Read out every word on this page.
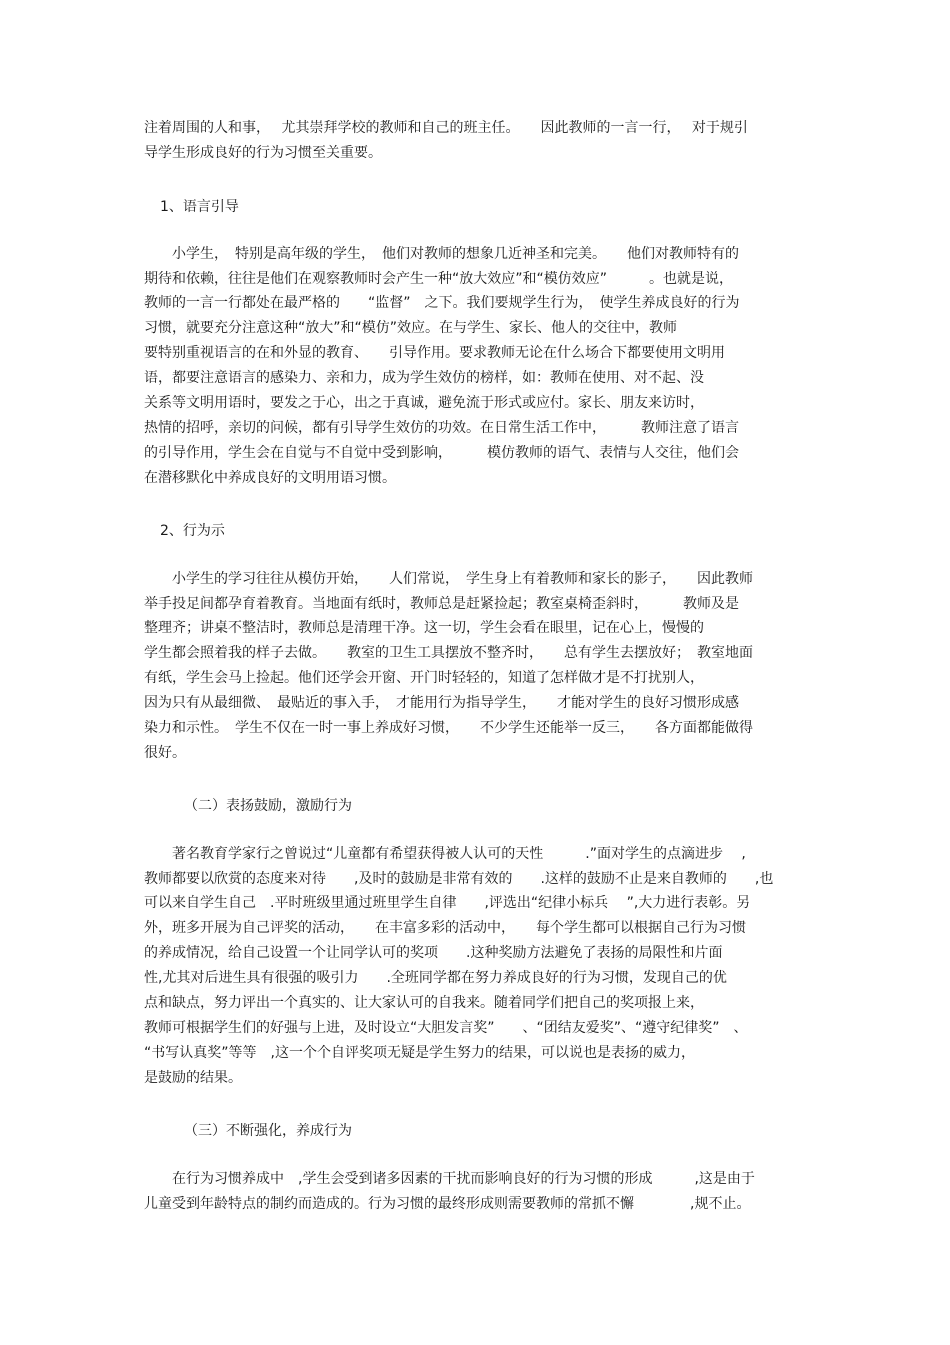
注着周围的人和事，　 尤其崇拜学校的教师和自己的班主任。　　因此教师的一言一行，　 对于规引
导学生形成良好的行为习惯至关重要。
1、语言引导
　　小学生，　特别是高年级的学生，　他们对教师的想象几近神圣和完美。　　他们对教师特有的
期待和依赖，往往是他们在观察教师时会产生一种“放大效应”和“模仿效应”　　　。也就是说，
教师的一言一行都处在最严格的　　“监督”　之下。我们要规学生行为，　使学生养成良好的行为
习惯，就要充分注意这种“放大”和“模仿”效应。在与学生、家长、他人的交往中，教师
要特别重视语言的在和外显的教育、　　引导作用。要求教师无论在什么场合下都要使用文明用
语，都要注意语言的感染力、亲和力，成为学生效仿的榜样，如：教师在使用、对不起、没
关系等文明用语时，要发之于心，出之于真诚，避免流于形式或应付。家长、朋友来访时，
热情的招呼，亲切的问候，都有引导学生效仿的功效。在日常生活工作中，　　　教师注意了语言
的引导作用，学生会在自觉与不自觉中受到影响，　　　模仿教师的语气、表情与人交往，他们会
在潜移默化中养成良好的文明用语习惯。
2、行为示
　　小学生的学习往往从模仿开始，　　人们常说，　学生身上有着教师和家长的影子，　　因此教师
举手投足间都孕育着教育。当地面有纸时，教师总是赶紧捡起；教室桌椅歪斜时，　　　教师及是
整理齐；讲桌不整洁时，教师总是清理干净。这一切，学生会看在眼里，记在心上，慢慢的
学生都会照着我的样子去做。　　教室的卫生工具摆放不整齐时，　　总有学生去摆放好；　教室地面
有纸，学生会马上捡起。他们还学会开窗、开门时轻轻的，知道了怎样做才是不打扰别人，
因为只有从最细微、　最贴近的事入手，　才能用行为指导学生，　　才能对学生的良好习惯形成感
染力和示性。　学生不仅在一时一事上养成好习惯，　　不少学生还能举一反三，　　各方面都能做得
很好。
（二）表扬鼓励，激励行为
　　著名教育学家行之曾说过“儿童都有希望获得被人认可的天性　　　.”面对学生的点滴进步　 ,
教师都要以欣赏的态度来对待　　,及时的鼓励是非常有效的　　.这样的鼓励不止是来自教师的　　,也
可以来自学生自己　.平时班级里通过班里学生自律　　,评选出“纪律小标兵　 ”,大力进行表彰。另
外，班多开展为自己评奖的活动，　　在丰富多彩的活动中，　　每个学生都可以根据自己行为习惯
的养成情况，给自己设置一个让同学认可的奖项　　.这种奖励方法避免了表扬的局限性和片面
性,尤其对后进生具有很强的吸引力　　.全班同学都在努力养成良好的行为习惯，发现自己的优
点和缺点，努力评出一个真实的、让大家认可的自我来。随着同学们把自己的奖项报上来，
教师可根据学生们的好强与上进，及时设立“大胆发言奖”　　、“团结友爱奖”、“遵守纪律奖”　、
“书写认真奖”等等　,这一个个自评奖项无疑是学生努力的结果，可以说也是表扬的威力，
是鼓励的结果。
（三）不断强化，养成行为
　　在行为习惯养成中　,学生会受到诸多因素的干扰而影响良好的行为习惯的形成　　　,这是由于
儿童受到年龄特点的制约而造成的。行为习惯的最终形成则需要教师的常抓不懈　　　　,规不止。
